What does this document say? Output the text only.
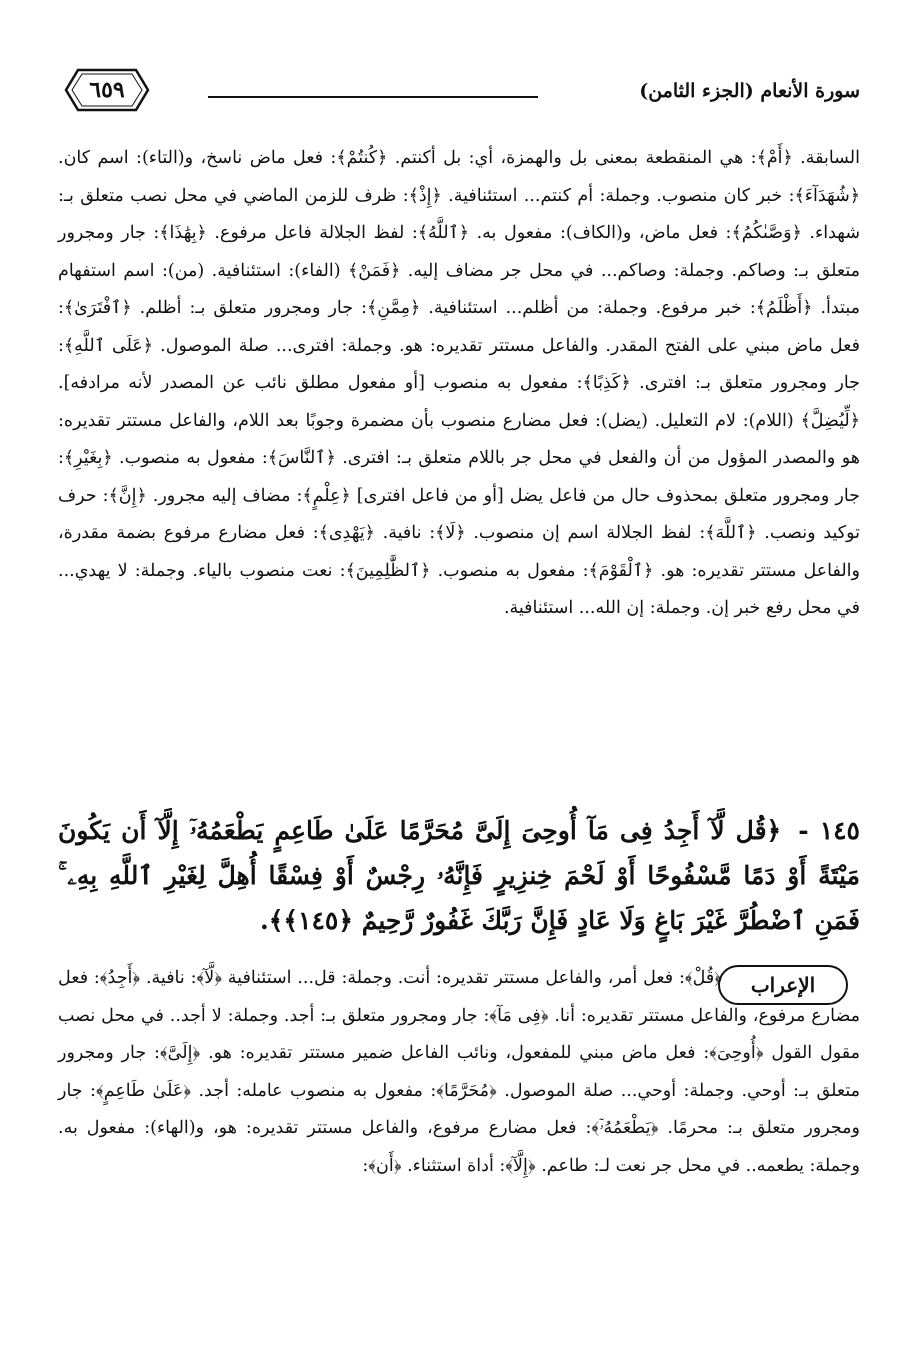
٦٥٩	سورة الأنعام (الجزء الثامن)
السابقة. ﴿أَمْ﴾: هي المنقطعة بمعنى بل والهمزة، أي: بل أكنتم. ﴿كُنتُمْ﴾: فعل ماض ناسخ، و(التاء): اسم كان. ﴿شُهَدَآءَ﴾: خبر كان منصوب. وجملة: أم كنتم... استئنافية. ﴿إِذْ﴾: ظرف للزمن الماضي في محل نصب متعلق بـ: شهداء. ﴿وَصَّىٰكُمُ﴾: فعل ماض، و(الكاف): مفعول به. ﴿ٱللَّهُ﴾: لفظ الجلالة فاعل مرفوع. ﴿بِهَٰذَا﴾: جار ومجرور متعلق بـ: وصاكم. وجملة: وصاكم... في محل جر مضاف إليه. ﴿فَمَنْ﴾ (الفاء): استئنافية. (من): اسم استفهام مبتدأ. ﴿أَظْلَمُ﴾: خبر مرفوع. وجملة: من أظلم... استئنافية. ﴿مِمَّنِ﴾: جار ومجرور متعلق بـ: أظلم. ﴿ٱفْتَرَىٰ﴾: فعل ماض مبني على الفتح المقدر. والفاعل مستتر تقديره: هو. وجملة: افترى... صلة الموصول. ﴿عَلَى ٱللَّهِ﴾: جار ومجرور متعلق بـ: افترى. ﴿كَذِبًا﴾: مفعول به منصوب [أو مفعول مطلق نائب عن المصدر لأنه مرادفه]. ﴿لِّيُضِلَّ﴾ (اللام): لام التعليل. (يضل): فعل مضارع منصوب بأن مضمرة وجوبًا بعد اللام، والفاعل مستتر تقديره: هو والمصدر المؤول من أن والفعل في محل جر باللام متعلق بـ: افترى. ﴿ٱلنَّاسَ﴾: مفعول به منصوب. ﴿بِغَيْرِ﴾: جار ومجرور متعلق بمحذوف حال من فاعل يضل [أو من فاعل افترى] ﴿عِلْمٍ﴾: مضاف إليه مجرور. ﴿إِنَّ﴾: حرف توكيد ونصب. ﴿ٱللَّهَ﴾: لفظ الجلالة اسم إن منصوب. ﴿لَا﴾: نافية. ﴿يَهْدِى﴾: فعل مضارع مرفوع بضمة مقدرة، والفاعل مستتر تقديره: هو. ﴿ٱلْقَوْمَ﴾: مفعول به منصوب. ﴿ٱلظَّٰلِمِينَ﴾: نعت منصوب بالياء. وجملة: لا يهدي... في محل رفع خبر إن. وجملة: إن الله... استئنافية.
١٤٥ - ﴿قُل لَّآ أَجِدُ فِى مَآ أُوحِىَ إِلَىَّ مُحَرَّمًا عَلَىٰ طَاعِمٍ يَطْعَمُهُۥٓ إِلَّآ أَن يَكُونَ مَيْتَةً أَوْ دَمًا مَّسْفُوحًا أَوْ لَحْمَ خِنزِيرٍ فَإِنَّهُۥ رِجْسٌ أَوْ فِسْقًا أُهِلَّ لِغَيْرِ ٱللَّهِ بِهِۦ ۚ فَمَنِ ٱضْطُرَّ غَيْرَ بَاغٍ وَلَا عَادٍ فَإِنَّ رَبَّكَ غَفُورٌ رَّحِيمٌ ﴿١٤٥﴾﴾.
الإعراب
﴿قُلْ﴾: فعل أمر، والفاعل مستتر تقديره: أنت. وجملة: قل... استئنافية ﴿لَّآ﴾: نافية. ﴿أَجِدُ﴾: فعل مضارع مرفوع، والفاعل مستتر تقديره: أنا. ﴿فِى مَآ﴾: جار ومجرور متعلق بـ: أجد. وجملة: لا أجد.. في محل نصب مقول القول ﴿أُوحِىَ﴾: فعل ماض مبني للمفعول، ونائب الفاعل ضمير مستتر تقديره: هو. ﴿إِلَىَّ﴾: جار ومجرور متعلق بـ: أوحي. وجملة: أوحي... صلة الموصول. ﴿مُحَرَّمًا﴾: مفعول به منصوب عامله: أجد. ﴿عَلَىٰ طَاعِمٍ﴾: جار ومجرور متعلق بـ: محرمًا. ﴿يَطْعَمُهُۥٓ﴾: فعل مضارع مرفوع، والفاعل مستتر تقديره: هو، و(الهاء): مفعول به. وجملة: يطعمه.. في محل جر نعت لـ: طاعم. ﴿إِلَّآ﴾: أداة استثناء. ﴿أَن﴾:
